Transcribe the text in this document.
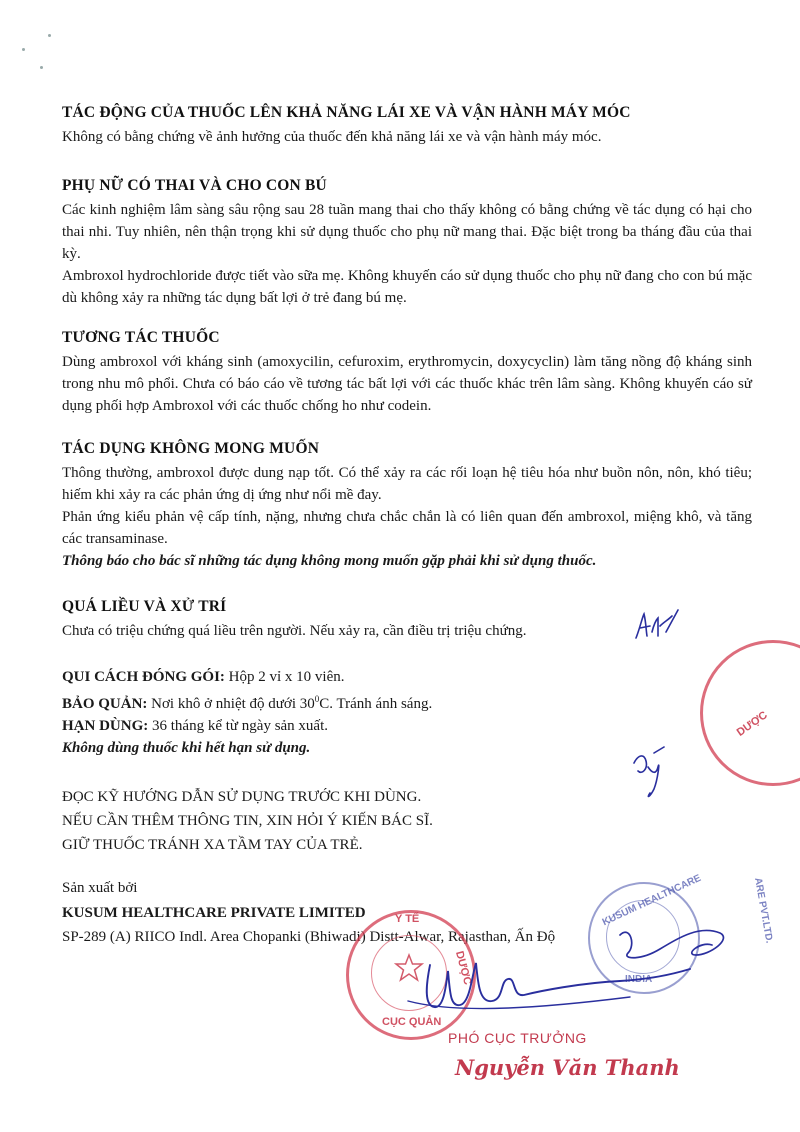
TÁC ĐỘNG CỦA THUỐC LÊN KHẢ NĂNG LÁI XE VÀ VẬN HÀNH MÁY MÓC

Không có bằng chứng về ảnh hưởng của thuốc đến khả năng lái xe và vận hành máy móc.

PHỤ NỮ CÓ THAI VÀ CHO CON BÚ

Các kinh nghiệm lâm sàng sâu rộng sau 28 tuần mang thai cho thấy không có bằng chứng về tác dụng có hại cho thai nhi. Tuy nhiên, nên thận trọng khi sử dụng thuốc cho phụ nữ mang thai. Đặc biệt trong ba tháng đầu của thai kỳ.

Ambroxol hydrochloride được tiết vào sữa mẹ. Không khuyến cáo sử dụng thuốc cho phụ nữ đang cho con bú mặc dù không xảy ra những tác dụng bất lợi ở trẻ đang bú mẹ.

TƯƠNG TÁC THUỐC

Dùng ambroxol với kháng sinh (amoxycilin, cefuroxim, erythromycin, doxycyclin) làm tăng nồng độ kháng sinh trong nhu mô phổi. Chưa có báo cáo về tương tác bất lợi với các thuốc khác trên lâm sàng. Không khuyến cáo sử dụng phối hợp Ambroxol với các thuốc chống ho như codein.

TÁC DỤNG KHÔNG MONG MUỐN

Thông thường, ambroxol được dung nạp tốt. Có thể xảy ra các rối loạn hệ tiêu hóa như buồn nôn, nôn, khó tiêu; hiếm khi xảy ra các phản ứng dị ứng như nổi mề đay.

Phản ứng kiểu phản vệ cấp tính, nặng, nhưng chưa chắc chắn là có liên quan đến ambroxol, miệng khô, và tăng các transaminase.

Thông báo cho bác sĩ những tác dụng không mong muốn gặp phải khi sử dụng thuốc.

QUÁ LIỀU VÀ XỬ TRÍ

Chưa có triệu chứng quá liều trên người. Nếu xảy ra, cần điều trị triệu chứng.

QUI CÁCH ĐÓNG GÓI: Hộp 2 vỉ x 10 viên.

BẢO QUẢN: Nơi khô ở nhiệt độ dưới $30^0C$. Tránh ánh sáng.

HẠN DÙNG: 36 tháng kể từ ngày sản xuất.

Không dùng thuốc khi hết hạn sử dụng.

ĐỌC KỸ HƯỚNG DẪN SỬ DỤNG TRƯỚC KHI DÙNG.

NẾU CẦN THÊM THÔNG TIN, XIN HỎI Ý KIẾN BÁC SĨ.

GIỮ THUỐC TRÁNH XA TẦM TAY CỦA TRẺ.

Sản xuất bởi

KUSUM HEALTHCARE PRIVATE LIMITED

SP-289 (A) RIICO Indl. Area Chopanki (Bhiwadi) Distt-Alwar, Rajasthan, Ấn Độ

DƯỢC
Y TẾ
CỤC QUẢN
DƯỢC
KUSUM HEALTHCARE
INDIA
ARE PVT.LTD.
PHÓ CỤC TRƯỞNG
Nguyễn Văn Thanh
